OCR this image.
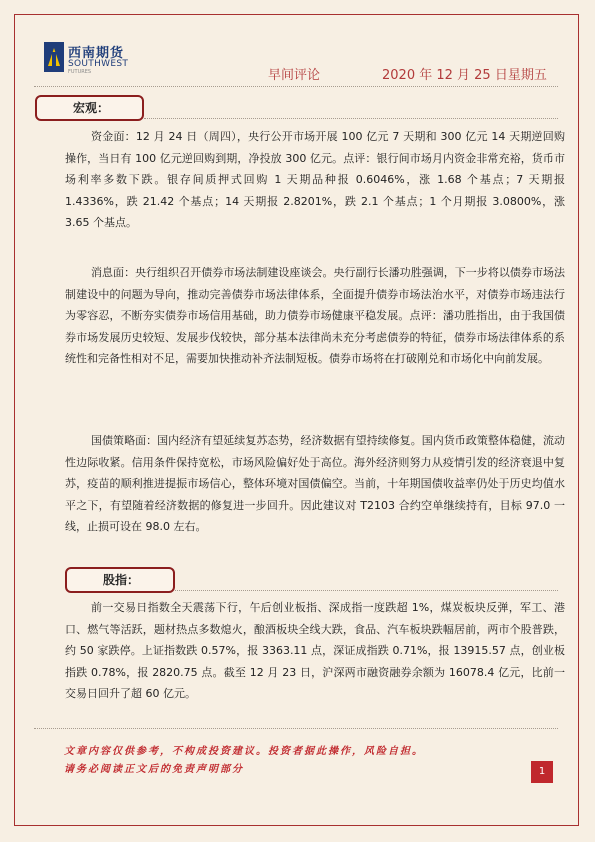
西南期货
SOUTHWEST
FUTURES	早间评论	2020 年 12 月 25 日星期五
宏观：

资金面：12 月 24 日（周四），央行公开市场开展 100 亿元 7 天期和 300 亿元 14 天期逆回购操作，当日有 100 亿元逆回购到期，净投放 300 亿元。点评：银行间市场月内资金非常充裕，货币市场利率多数下跌。银存间质押式回购 1 天期品种报 0.6046%，涨 1.68 个基点；7 天期报 1.4336%，跌 21.42 个基点；14 天期报 2.8201%，跌 2.1 个基点；1 个月期报 3.0800%，涨 3.65 个基点。

消息面：央行组织召开债券市场法制建设座谈会。央行副行长潘功胜强调，下一步将以债券市场法制建设中的问题为导向，推动完善债券市场法律体系，全面提升债券市场法治水平，对债券市场违法行为零容忍，不断夯实债券市场信用基础，助力债券市场健康平稳发展。点评：潘功胜指出，由于我国债券市场发展历史较短、发展步伐较快，部分基本法律尚未充分考虑债券的特征，债券市场法律体系的系统性和完备性相对不足，需要加快推动补齐法制短板。债券市场将在打破刚兑和市场化中向前发展。

国债策略面：国内经济有望延续复苏态势，经济数据有望持续修复。国内货币政策整体稳健，流动性边际收紧。信用条件保持宽松，市场风险偏好处于高位。海外经济则努力从疫情引发的经济衰退中复苏，疫苗的顺利推进提振市场信心，整体环境对国债偏空。当前，十年期国债收益率仍处于历史均值水平之下，有望随着经济数据的修复进一步回升。因此建议对 T2103 合约空单继续持有，目标 97.0 一线，止损可设在 98.0 左右。

股指：

前一交易日指数全天震荡下行，午后创业板指、深成指一度跌超 1%，煤炭板块反弹，军工、港口、燃气等活跃，题材热点多数熄火，酿酒板块全线大跌，食品、汽车板块跌幅居前，两市个股普跌，约 50 家跌停。上证指数跌 0.57%，报 3363.11 点，深证成指跌 0.71%，报 13915.57 点，创业板指跌 0.78%，报 2820.75 点。截至 12 月 23 日，沪深两市融资融券余额为 16078.4 亿元，比前一交易日回升了超 60 亿元。

文章内容仅供参考，不构成投资建议。投资者据此操作，风险自担。
请务必阅读正文后的免责声明部分	1
